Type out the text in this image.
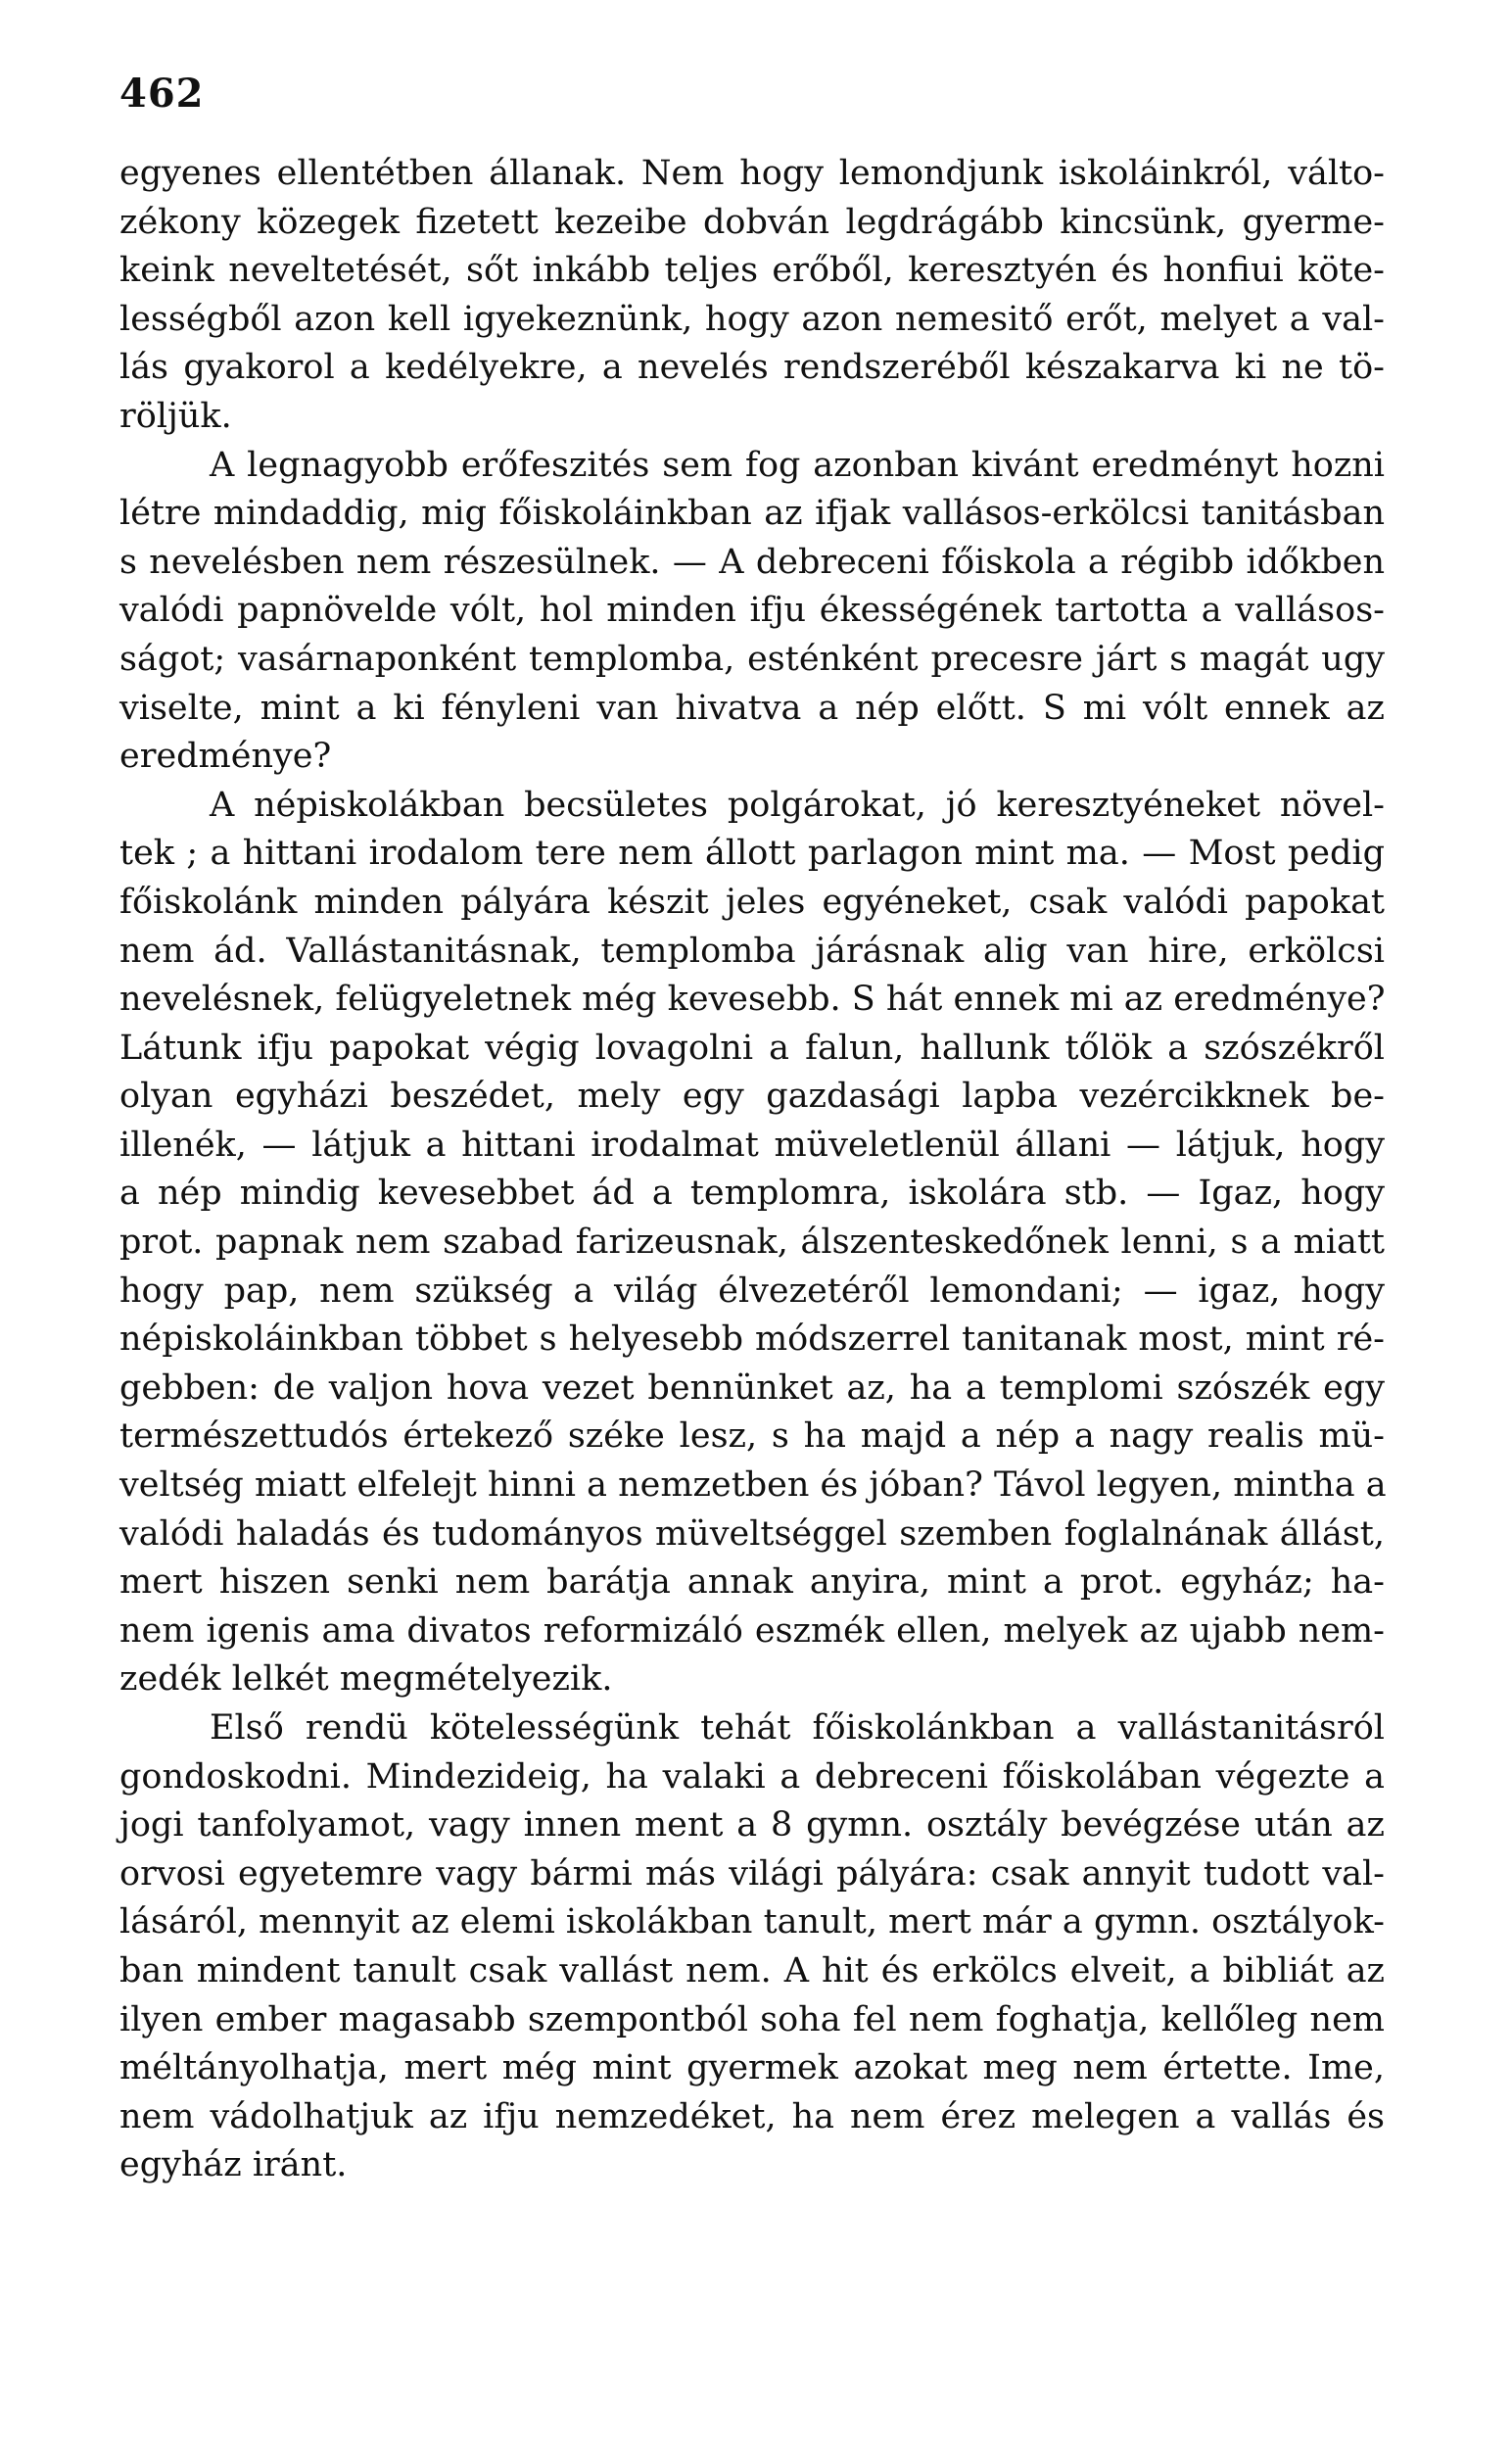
462
egyenes ellentétben állanak. Nem hogy lemondjunk iskoláinkról, válto-
zékony közegek fizetett kezeibe dobván legdrágább kincsünk, gyerme-
keink neveltetését, sőt inkább teljes erőből, keresztyén és honfiui köte-
lességből azon kell igyekeznünk, hogy azon nemesitő erőt, melyet a val-
lás gyakorol a kedélyekre, a nevelés rendszeréből készakarva ki ne tö-
röljük.
A legnagyobb erőfeszités sem fog azonban kivánt eredményt hozni
létre mindaddig, mig főiskoláinkban az ifjak vallásos-erkölcsi tanitásban
s nevelésben nem részesülnek. — A debreceni főiskola a régibb időkben
valódi papnövelde vólt, hol minden ifju ékességének tartotta a vallásos-
ságot; vasárnaponként templomba, esténként precesre járt s magát ugy
viselte, mint a ki fényleni van hivatva a nép előtt. S mi vólt ennek az
eredménye?
A népiskolákban becsületes polgárokat, jó keresztyéneket növel-
tek ; a hittani irodalom tere nem állott parlagon mint ma. — Most pedig
főiskolánk minden pályára készit jeles egyéneket, csak valódi papokat
nem ád. Vallástanitásnak, templomba járásnak alig van hire, erkölcsi
nevelésnek, felügyeletnek még kevesebb. S hát ennek mi az eredménye?
Látunk ifju papokat végig lovagolni a falun, hallunk tőlök a szószékről
olyan egyházi beszédet, mely egy gazdasági lapba vezércikknek be-
illenék, — látjuk a hittani irodalmat müveletlenül állani — látjuk, hogy
a nép mindig kevesebbet ád a templomra, iskolára stb. — Igaz, hogy
prot. papnak nem szabad farizeusnak, álszenteskedőnek lenni, s a miatt
hogy pap, nem szükség a világ élvezetéről lemondani; — igaz, hogy
népiskoláinkban többet s helyesebb módszerrel tanitanak most, mint ré-
gebben: de valjon hova vezet bennünket az, ha a templomi szószék egy
természettudós értekező széke lesz, s ha majd a nép a nagy realis mü-
veltség miatt elfelejt hinni a nemzetben és jóban? Távol legyen, mintha a
valódi haladás és tudományos müveltséggel szemben foglalnának állást,
mert hiszen senki nem barátja annak anyira, mint a prot. egyház; ha-
nem igenis ama divatos reformizáló eszmék ellen, melyek az ujabb nem-
zedék lelkét megmételyezik.
Első rendü kötelességünk tehát főiskolánkban a vallástanitásról
gondoskodni. Mindezideig, ha valaki a debreceni főiskolában végezte a
jogi tanfolyamot, vagy innen ment a 8 gymn. osztály bevégzése után az
orvosi egyetemre vagy bármi más világi pályára: csak annyit tudott val-
lásáról, mennyit az elemi iskolákban tanult, mert már a gymn. osztályok-
ban mindent tanult csak vallást nem. A hit és erkölcs elveit, a bibliát az
ilyen ember magasabb szempontból soha fel nem foghatja, kellőleg nem
méltányolhatja, mert még mint gyermek azokat meg nem értette. Ime,
nem vádolhatjuk az ifju nemzedéket, ha nem érez melegen a vallás és
egyház iránt.
